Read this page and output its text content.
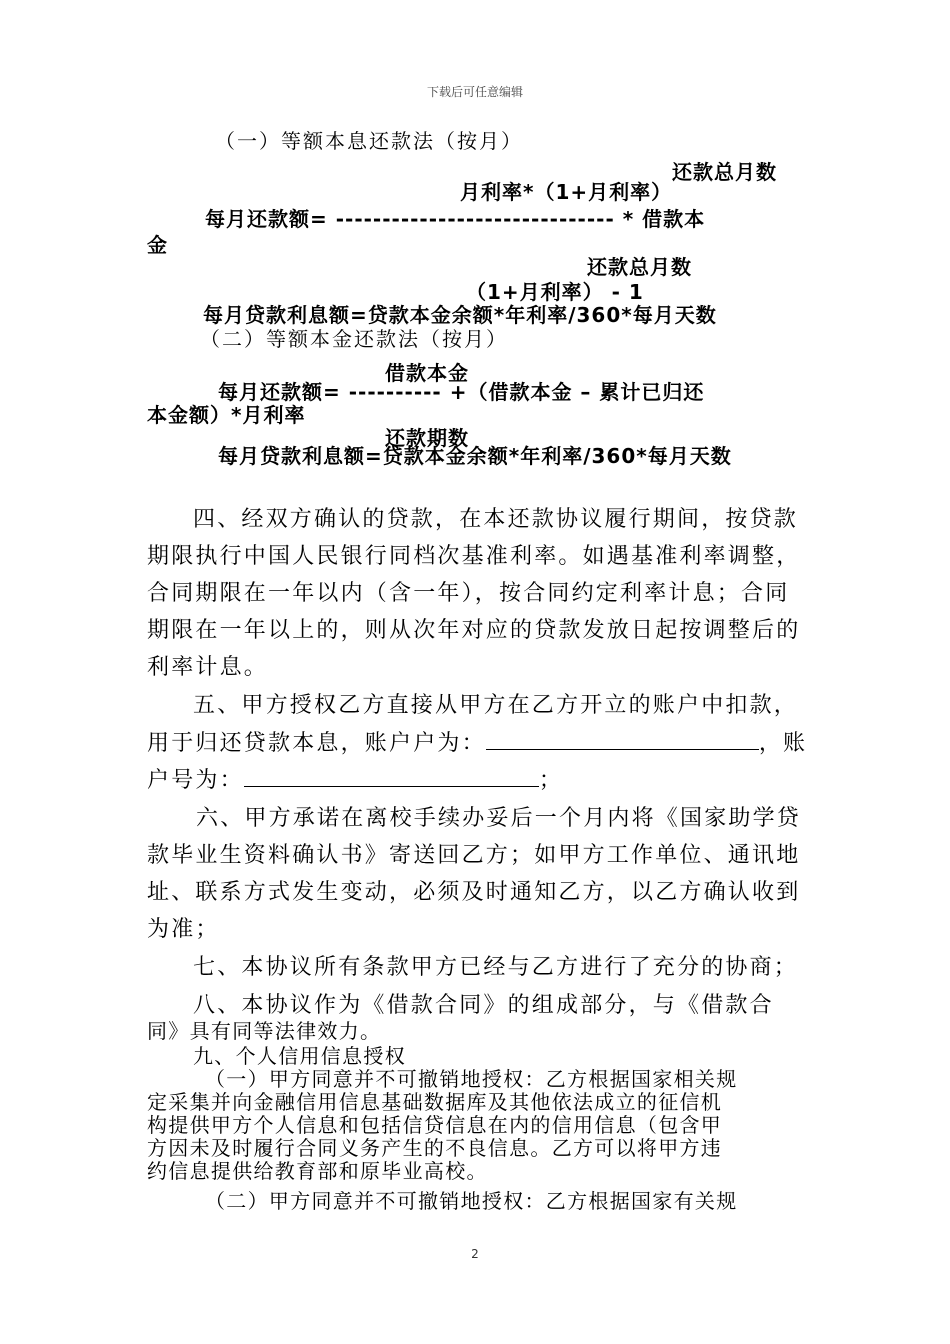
下载后可任意编辑

（一）等额本息还款法（按月）

还款总月数

月利率*（1+月利率）

每月还款额= ------------------------------ * 借款本

金

还款总月数

（1+月利率） - 1

每月贷款利息额=贷款本金余额*年利率/360*每月天数

（二）等额本金还款法（按月）

借款本金

每月还款额= ---------- +（借款本金 – 累计已归还

本金额）*月利率

还款期数

每月贷款利息额=贷款本金余额*年利率/360*每月天数

四、经双方确认的贷款，在本还款协议履行期间，按贷款

期限执行中国人民银行同档次基准利率。如遇基准利率调整，

合同期限在一年以内（含一年），按合同约定利率计息；合同

期限在一年以上的，则从次年对应的贷款发放日起按调整后的

利率计息。

五、甲方授权乙方直接从甲方在乙方开立的账户中扣款，

用于归还贷款本息，账户户为：	，账

户号为：	；

六、甲方承诺在离校手续办妥后一个月内将《国家助学贷

款毕业生资料确认书》寄送回乙方；如甲方工作单位、通讯地

址、联系方式发生变动，必须及时通知乙方，以乙方确认收到

为准；

七、本协议所有条款甲方已经与乙方进行了充分的协商；

八、本协议作为《借款合同》的组成部分，与《借款合

同》具有同等法律效力。

九、个人信用信息授权

（一）甲方同意并不可撤销地授权：乙方根据国家相关规

定采集并向金融信用信息基础数据库及其他依法成立的征信机

构提供甲方个人信息和包括信贷信息在内的信用信息（包含甲

方因未及时履行合同义务产生的不良信息。乙方可以将甲方违

约信息提供给教育部和原毕业高校。

（二）甲方同意并不可撤销地授权：乙方根据国家有关规

2
